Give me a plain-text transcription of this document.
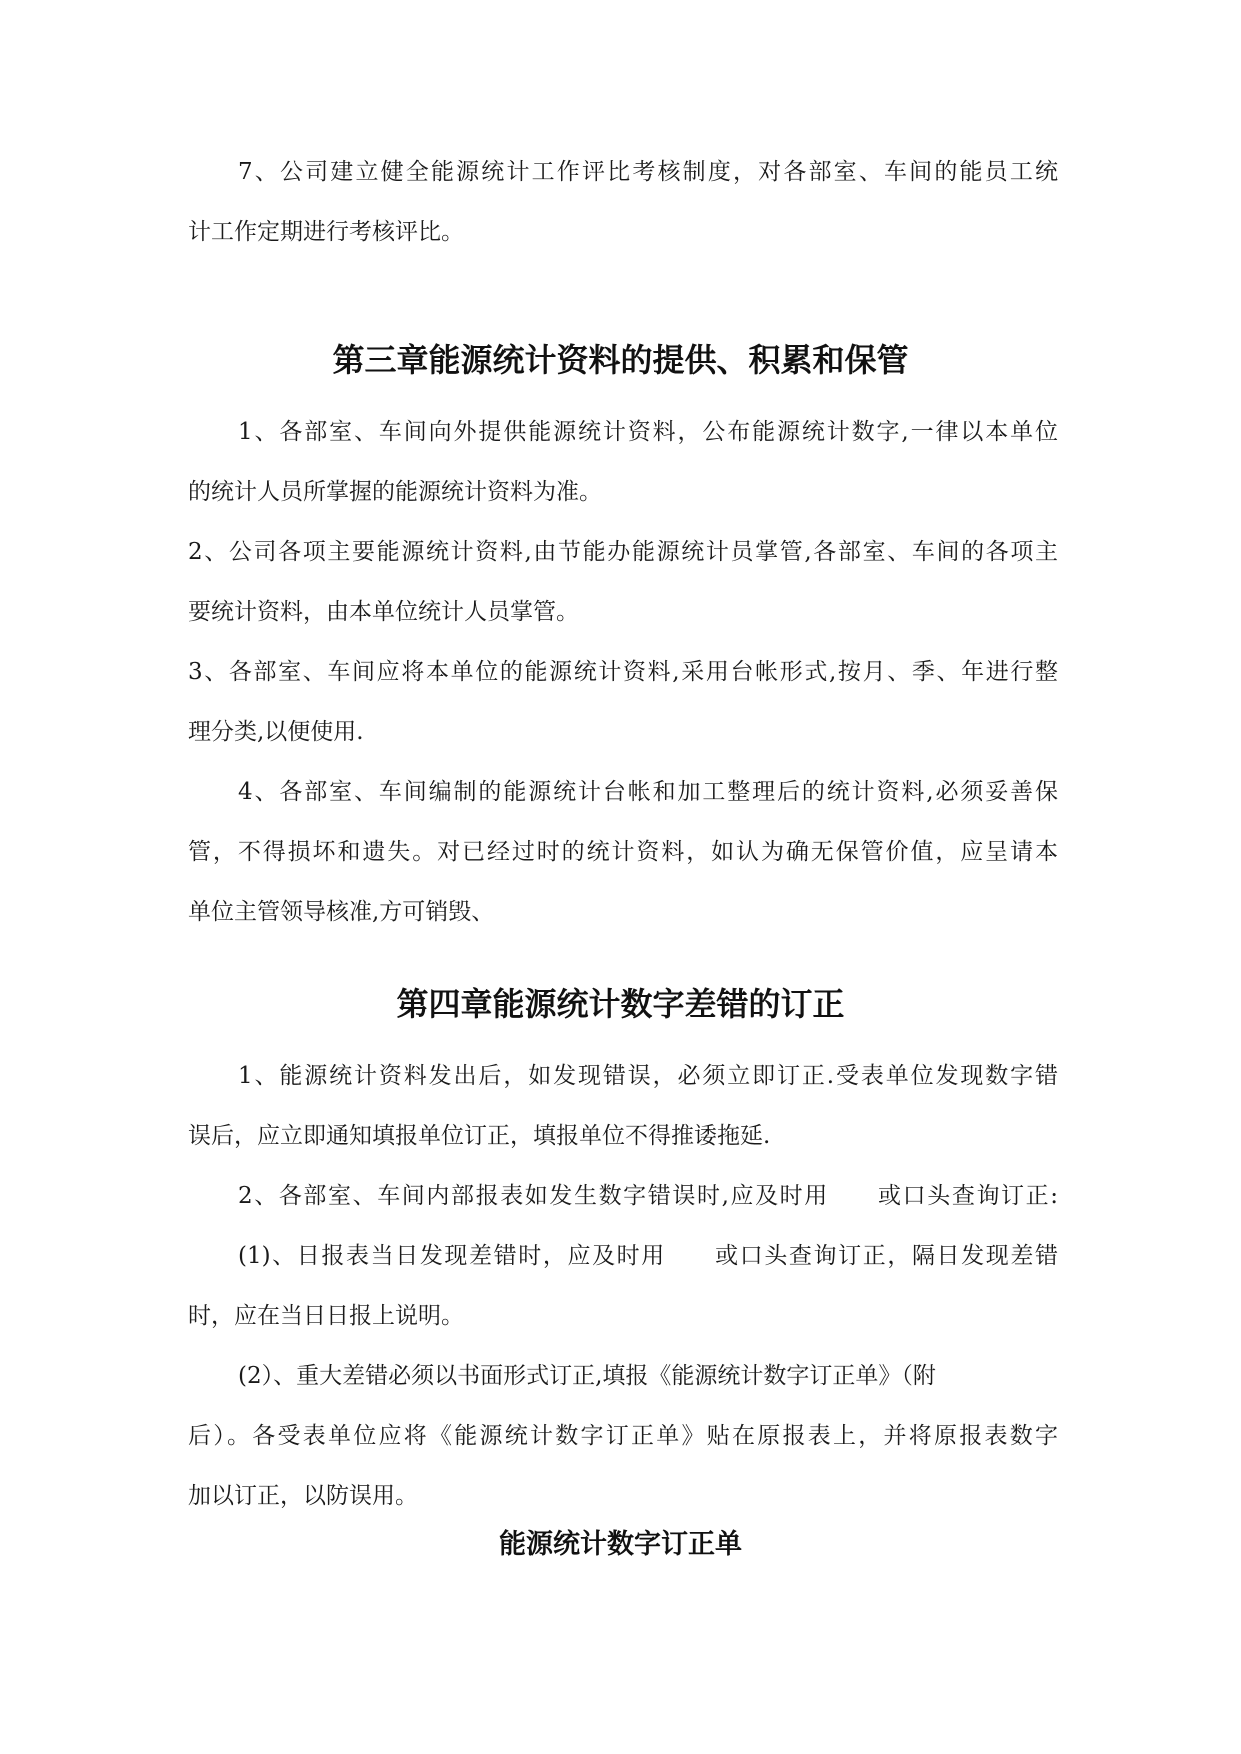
7、公司建立健全能源统计工作评比考核制度，对各部室、车间的能员工统
计工作定期进行考核评比。
第三章能源统计资料的提供、积累和保管
1、各部室、车间向外提供能源统计资料，公布能源统计数字,一律以本单位
的统计人员所掌握的能源统计资料为准。
2、公司各项主要能源统计资料,由节能办能源统计员掌管,各部室、车间的各项主
要统计资料，由本单位统计人员掌管。
3、各部室、车间应将本单位的能源统计资料,采用台帐形式,按月、季、年进行整
理分类,以便使用.
4、各部室、车间编制的能源统计台帐和加工整理后的统计资料,必须妥善保
管，不得损坏和遗失。对已经过时的统计资料，如认为确无保管价值，应呈请本
单位主管领导核准,方可销毁、
第四章能源统计数字差错的订正
1、能源统计资料发出后，如发现错误，必须立即订正.受表单位发现数字错
误后，应立即通知填报单位订正，填报单位不得推诿拖延.
2、各部室、车间内部报表如发生数字错误时,应及时用　　或口头查询订正:
(1)、日报表当日发现差错时，应及时用　　或口头查询订正，隔日发现差错
时，应在当日日报上说明。
(2）、重大差错必须以书面形式订正,填报《能源统计数字订正单》（附
后）。各受表单位应将《能源统计数字订正单》贴在原报表上，并将原报表数字
加以订正，以防误用。
能源统计数字订正单
